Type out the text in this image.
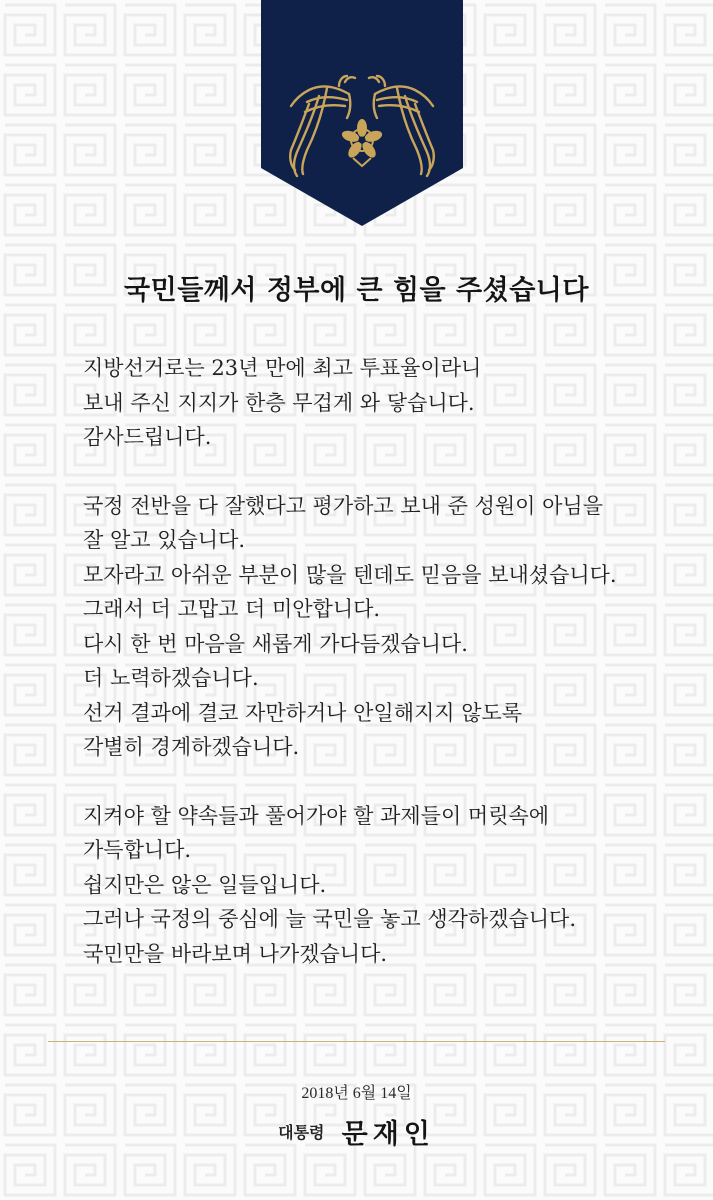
국민들께서 정부에 큰 힘을 주셨습니다
지방선거로는 23년 만에 최고 투표율이라니
보내 주신 지지가 한층 무겁게 와 닿습니다.
감사드립니다.
국정 전반을 다 잘했다고 평가하고 보내 준 성원이 아님을
잘 알고 있습니다.
모자라고 아쉬운 부분이 많을 텐데도 믿음을 보내셨습니다.
그래서 더 고맙고 더 미안합니다.
다시 한 번 마음을 새롭게 가다듬겠습니다.
더 노력하겠습니다.
선거 결과에 결코 자만하거나 안일해지지 않도록
각별히 경계하겠습니다.
지켜야 할 약속들과 풀어가야 할 과제들이 머릿속에
가득합니다.
쉽지만은 않은 일들입니다.
그러나 국정의 중심에 늘 국민을 놓고 생각하겠습니다.
국민만을 바라보며 나가겠습니다.
2018년 6월 14일
대통령 문재인
